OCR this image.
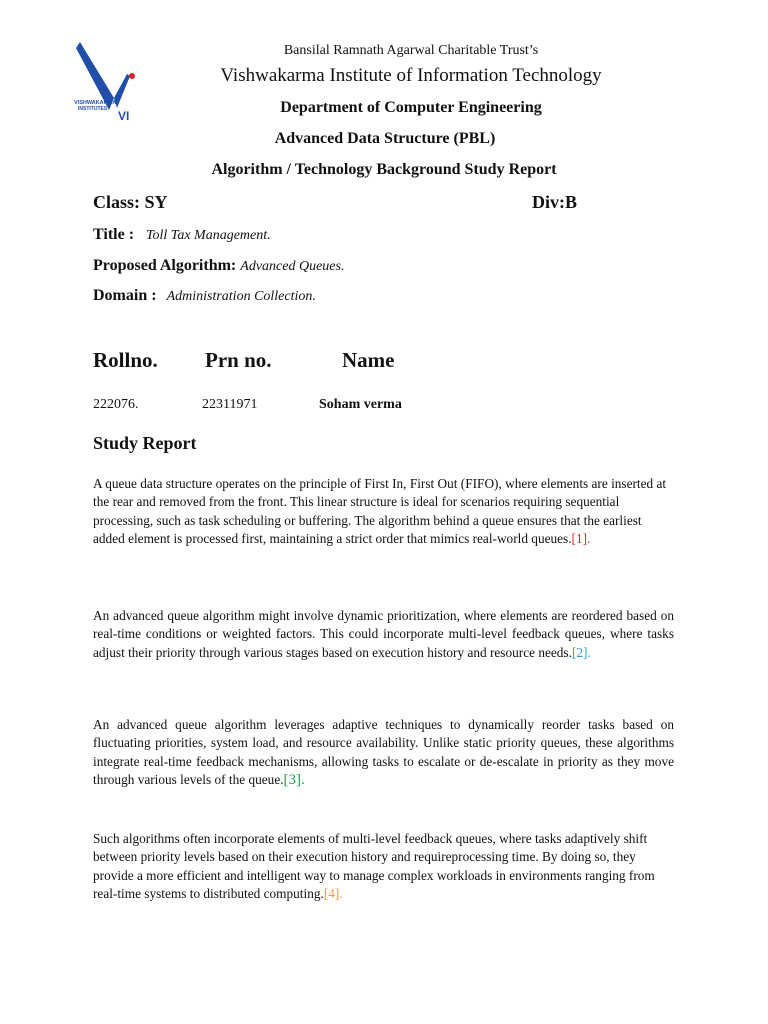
VISHWAKARMA
INSTITUTES VI
Bansilal Ramnath Agarwal Charitable Trust’s
Vishwakarma Institute of Information Technology
Department of Computer Engineering
Advanced Data Structure (PBL)
Algorithm / Technology Background Study Report
Class: SY	Div:B
Title : Toll Tax Management.
Proposed Algorithm: Advanced Queues.
Domain : Administration Collection.
Rollno. Prn no.	Name
222076.	22311971	Soham verma
Study Report
A queue data structure operates on the principle of First In, First Out (FIFO), where elements are inserted at the rear and removed from the front. This linear structure is ideal for scenarios requiring sequential processing, such as task scheduling or buffering. The algorithm behind a queue ensures that the earliest added element is processed first, maintaining a strict order that mimics real-world queues.[1].
An advanced queue algorithm might involve dynamic prioritization, where elements are reordered based on real-time conditions or weighted factors. This could incorporate multi-level feedback queues, where tasks adjust their priority through various stages based on execution history and resource needs.[2].
An advanced queue algorithm leverages adaptive techniques to dynamically reorder tasks based on fluctuating priorities, system load, and resource availability. Unlike static priority queues, these algorithms integrate real-time feedback mechanisms, allowing tasks to escalate or de-escalate in priority as they move through various levels of the queue.[3].
Such algorithms often incorporate elements of multi-level feedback queues, where tasks adaptively shift between priority levels based on their execution history and requireprocessing time. By doing so, they provide a more efficient and intelligent way to manage complex workloads in environments ranging from real-time systems to distributed computing.[4].
